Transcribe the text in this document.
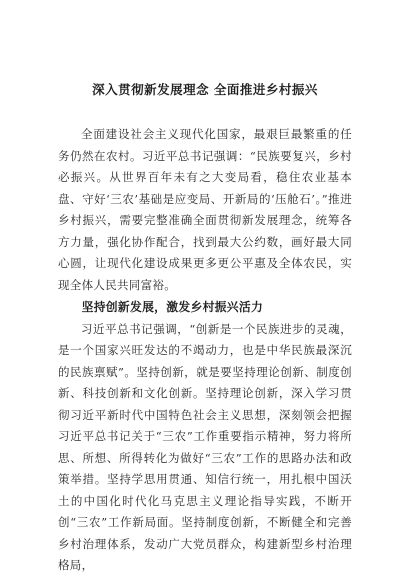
深入贯彻新发展理念 全面推进乡村振兴

全面建设社会主义现代化国家，最艰巨最繁重的任务仍然在农村。习近平总书记强调：“民族要复兴，乡村必振兴。从世界百年未有之大变局看，稳住农业基本盘、守好‘三农’基础是应变局、开新局的‘压舱石’。”推进乡村振兴，需要完整准确全面贯彻新发展理念，统筹各方力量，强化协作配合，找到最大公约数，画好最大同心圆，让现代化建设成果更多更公平惠及全体农民，实现全体人民共同富裕。

坚持创新发展，激发乡村振兴活力

习近平总书记强调，“创新是一个民族进步的灵魂，是一个国家兴旺发达的不竭动力，也是中华民族最深沉的民族禀赋”。坚持创新，就是要坚持理论创新、制度创新、科技创新和文化创新。坚持理论创新，深入学习贯彻习近平新时代中国特色社会主义思想，深刻领会把握习近平总书记关于“三农”工作重要指示精神，努力将所思、所想、所得转化为做好“三农”工作的思路办法和政策举措。坚持学思用贯通、知信行统一，用扎根中国沃土的中国化时代化马克思主义理论指导实践，不断开创“三农”工作新局面。坚持制度创新，不断健全和完善乡村治理体系，发动广大党员群众，构建新型乡村治理格局，
